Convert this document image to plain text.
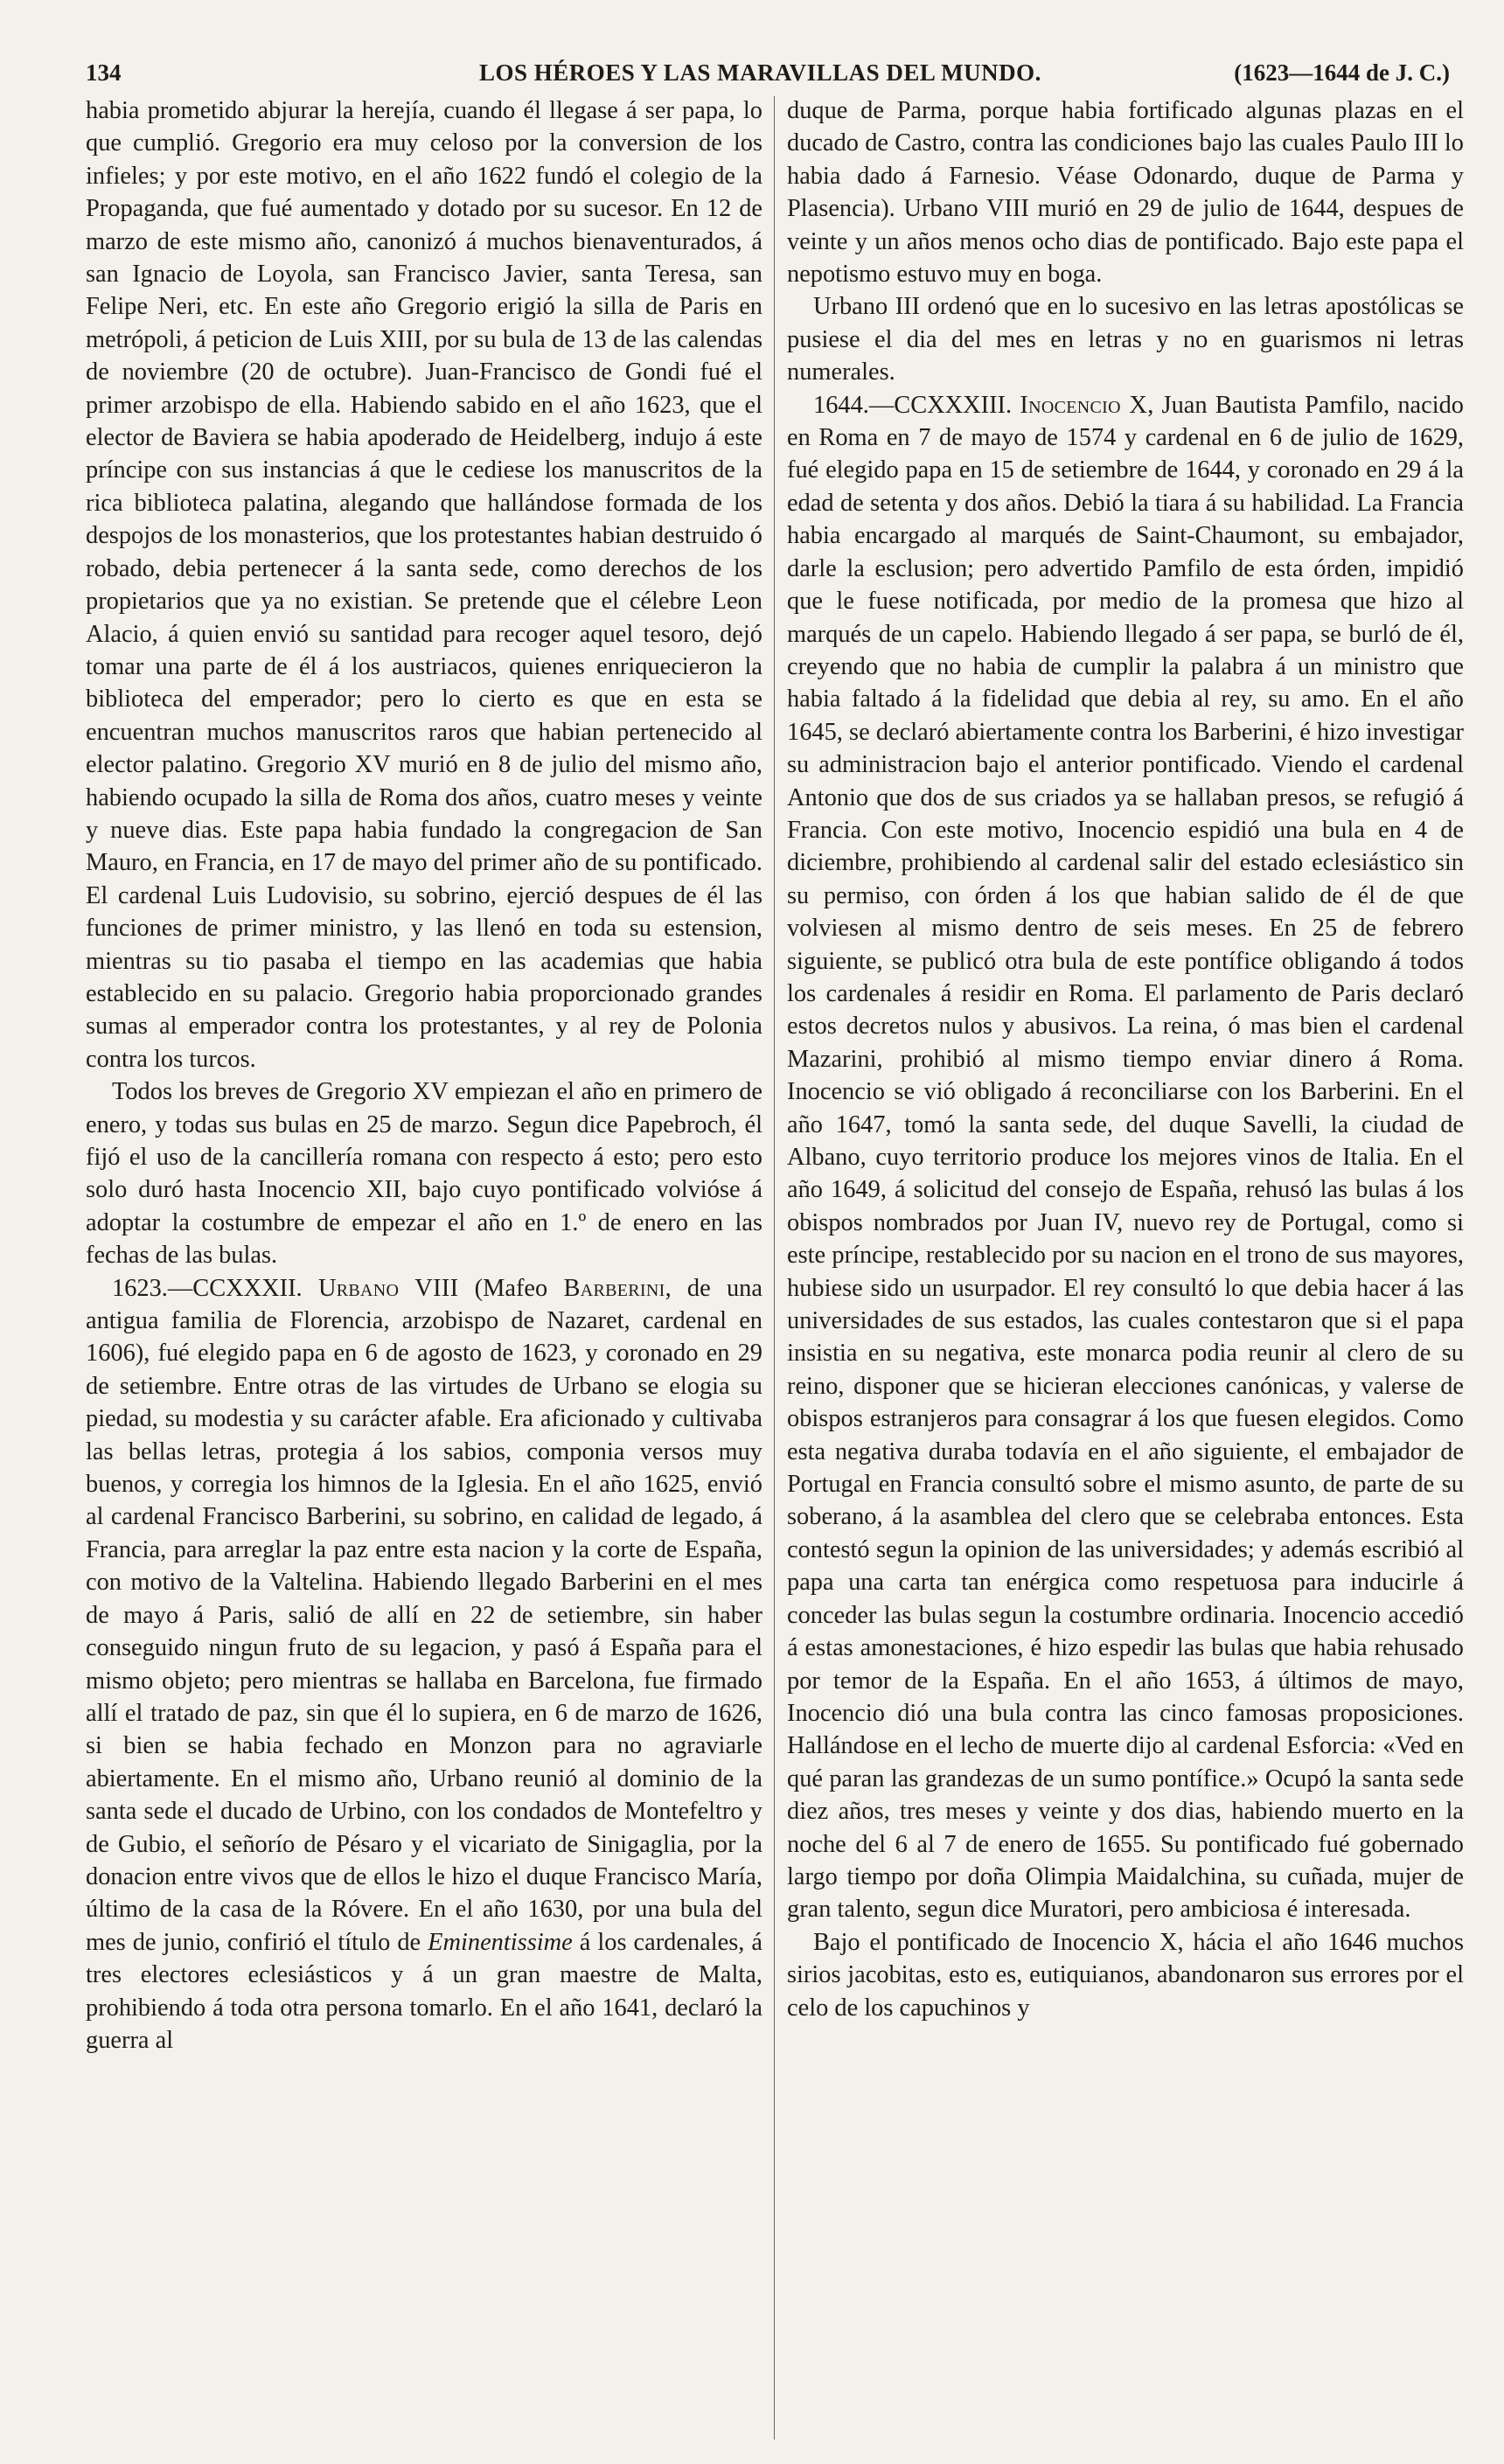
134	LOS HÉROES Y LAS MARAVILLAS DEL MUNDO.	(1623—1644 de J. C.)

habia prometido abjurar la herejía, cuando él llegase á ser papa, lo que cumplió. Gregorio era muy celoso por la conversion de los infieles; y por este motivo, en el año 1622 fundó el colegio de la Propaganda, que fué aumentado y dotado por su sucesor. En 12 de marzo de este mismo año, canonizó á muchos bienaventurados, á san Ignacio de Loyola, san Francisco Javier, santa Teresa, san Felipe Neri, etc. En este año Gregorio erigió la silla de Paris en metrópoli, á peticion de Luis XIII, por su bula de 13 de las calendas de noviembre (20 de octubre). Juan-Francisco de Gondi fué el primer arzobispo de ella. Habiendo sabido en el año 1623, que el elector de Baviera se habia apoderado de Heidelberg, indujo á este príncipe con sus instancias á que le cediese los manuscritos de la rica biblioteca palatina, alegando que hallándose formada de los despojos de los monasterios, que los protestantes habian destruido ó robado, debia pertenecer á la santa sede, como derechos de los propietarios que ya no existian. Se pretende que el célebre Leon Alacio, á quien envió su santidad para recoger aquel tesoro, dejó tomar una parte de él á los austriacos, quienes enriquecieron la biblioteca del emperador; pero lo cierto es que en esta se encuentran muchos manuscritos raros que habian pertenecido al elector palatino. Gregorio XV murió en 8 de julio del mismo año, habiendo ocupado la silla de Roma dos años, cuatro meses y veinte y nueve dias. Este papa habia fundado la congregacion de San Mauro, en Francia, en 17 de mayo del primer año de su pontificado. El cardenal Luis Ludovisio, su sobrino, ejerció despues de él las funciones de primer ministro, y las llenó en toda su estension, mientras su tio pasaba el tiempo en las academias que habia establecido en su palacio. Gregorio habia proporcionado grandes sumas al emperador contra los protestantes, y al rey de Polonia contra los turcos.

Todos los breves de Gregorio XV empiezan el año en primero de enero, y todas sus bulas en 25 de marzo. Segun dice Papebroch, él fijó el uso de la cancillería romana con respecto á esto; pero esto solo duró hasta Inocencio XII, bajo cuyo pontificado volvióse á adoptar la costumbre de empezar el año en 1.º de enero en las fechas de las bulas.

1623.—CCXXXII. Urbano VIII (Mafeo Barberini, de una antigua familia de Florencia, arzobispo de Nazaret, cardenal en 1606), fué elegido papa en 6 de agosto de 1623, y coronado en 29 de setiembre. Entre otras de las virtudes de Urbano se elogia su piedad, su modestia y su carácter afable. Era aficionado y cultivaba las bellas letras, protegia á los sabios, componia versos muy buenos, y corregia los himnos de la Iglesia. En el año 1625, envió al cardenal Francisco Barberini, su sobrino, en calidad de legado, á Francia, para arreglar la paz entre esta nacion y la corte de España, con motivo de la Valtelina. Habiendo llegado Barberini en el mes de mayo á Paris, salió de allí en 22 de setiembre, sin haber conseguido ningun fruto de su legacion, y pasó á España para el mismo objeto; pero mientras se hallaba en Barcelona, fue firmado allí el tratado de paz, sin que él lo supiera, en 6 de marzo de 1626, si bien se habia fechado en Monzon para no agraviarle abiertamente. En el mismo año, Urbano reunió al dominio de la santa sede el ducado de Urbino, con los condados de Montefeltro y de Gubio, el señorío de Pésaro y el vicariato de Sinigaglia, por la donacion entre vivos que de ellos le hizo el duque Francisco María, último de la casa de la Róvere. En el año 1630, por una bula del mes de junio, confirió el título de Eminentissime á los cardenales, á tres electores eclesiásticos y á un gran maestre de Malta, prohibiendo á toda otra persona tomarlo. En el año 1641, declaró la guerra al

duque de Parma, porque habia fortificado algunas plazas en el ducado de Castro, contra las condiciones bajo las cuales Paulo III lo habia dado á Farnesio. Véase Odonardo, duque de Parma y Plasencia). Urbano VIII murió en 29 de julio de 1644, despues de veinte y un años menos ocho dias de pontificado. Bajo este papa el nepotismo estuvo muy en boga.

Urbano III ordenó que en lo sucesivo en las letras apostólicas se pusiese el dia del mes en letras y no en guarismos ni letras numerales.

1644.—CCXXXIII. Inocencio X, Juan Bautista Pamfilo, nacido en Roma en 7 de mayo de 1574 y cardenal en 6 de julio de 1629, fué elegido papa en 15 de setiembre de 1644, y coronado en 29 á la edad de setenta y dos años. Debió la tiara á su habilidad. La Francia habia encargado al marqués de Saint-Chaumont, su embajador, darle la esclusion; pero advertido Pamfilo de esta órden, impidió que le fuese notificada, por medio de la promesa que hizo al marqués de un capelo. Habiendo llegado á ser papa, se burló de él, creyendo que no habia de cumplir la palabra á un ministro que habia faltado á la fidelidad que debia al rey, su amo. En el año 1645, se declaró abiertamente contra los Barberini, é hizo investigar su administracion bajo el anterior pontificado. Viendo el cardenal Antonio que dos de sus criados ya se hallaban presos, se refugió á Francia. Con este motivo, Inocencio espidió una bula en 4 de diciembre, prohibiendo al cardenal salir del estado eclesiástico sin su permiso, con órden á los que habian salido de él de que volviesen al mismo dentro de seis meses. En 25 de febrero siguiente, se publicó otra bula de este pontífice obligando á todos los cardenales á residir en Roma. El parlamento de Paris declaró estos decretos nulos y abusivos. La reina, ó mas bien el cardenal Mazarini, prohibió al mismo tiempo enviar dinero á Roma. Inocencio se vió obligado á reconciliarse con los Barberini. En el año 1647, tomó la santa sede, del duque Savelli, la ciudad de Albano, cuyo territorio produce los mejores vinos de Italia. En el año 1649, á solicitud del consejo de España, rehusó las bulas á los obispos nombrados por Juan IV, nuevo rey de Portugal, como si este príncipe, restablecido por su nacion en el trono de sus mayores, hubiese sido un usurpador. El rey consultó lo que debia hacer á las universidades de sus estados, las cuales contestaron que si el papa insistia en su negativa, este monarca podia reunir al clero de su reino, disponer que se hicieran elecciones canónicas, y valerse de obispos estranjeros para consagrar á los que fuesen elegidos. Como esta negativa duraba todavía en el año siguiente, el embajador de Portugal en Francia consultó sobre el mismo asunto, de parte de su soberano, á la asamblea del clero que se celebraba entonces. Esta contestó segun la opinion de las universidades; y además escribió al papa una carta tan enérgica como respetuosa para inducirle á conceder las bulas segun la costumbre ordinaria. Inocencio accedió á estas amonestaciones, é hizo espedir las bulas que habia rehusado por temor de la España. En el año 1653, á últimos de mayo, Inocencio dió una bula contra las cinco famosas proposiciones. Hallándose en el lecho de muerte dijo al cardenal Esforcia: «Ved en qué paran las grandezas de un sumo pontífice.» Ocupó la santa sede diez años, tres meses y veinte y dos dias, habiendo muerto en la noche del 6 al 7 de enero de 1655. Su pontificado fué gobernado largo tiempo por doña Olimpia Maidalchina, su cuñada, mujer de gran talento, segun dice Muratori, pero ambiciosa é interesada.

Bajo el pontificado de Inocencio X, hácia el año 1646 muchos sirios jacobitas, esto es, eutiquianos, abandonaron sus errores por el celo de los capuchinos y
